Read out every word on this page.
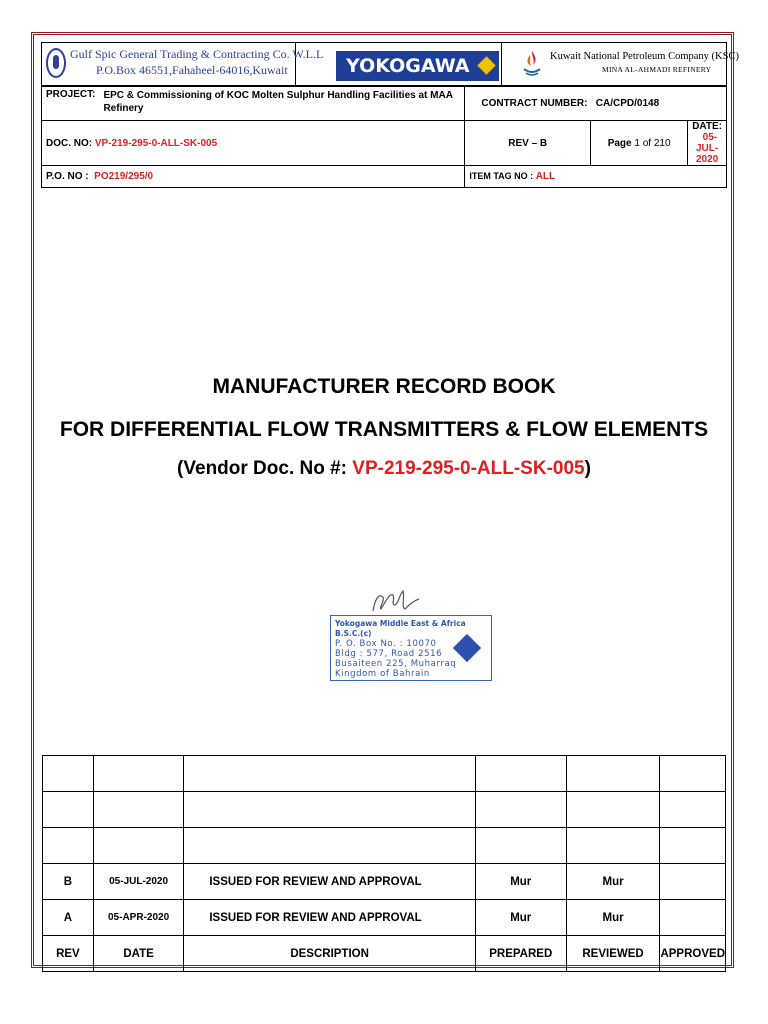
Gulf Spic General Trading & Contracting Co. W.L.L
P.O.Box 46551,Fahaheel-64016,Kuwait	YOKOGAWA	Kuwait National Petroleum Company (KSC)
MINA AL-AHMADI REFINERY
PROJECT:	EPC & Commissioning of KOC Molten Sulphur Handling Facilities at MAA Refinery	CONTRACT NUMBER: CA/CPD/0148		
DOC. NO: VP-219-295-0-ALL-SK-005		REV – B	Page 1 of 210	DATE:   05-JUL-2020
P.O. NO : PO219/295/0		ITEM TAG NO : ALL		
MANUFACTURER RECORD BOOK
FOR DIFFERENTIAL FLOW TRANSMITTERS & FLOW ELEMENTS
(Vendor Doc. No #: VP-219-295-0-ALL-SK-005)
Yokogawa Middle East & Africa B.S.C.(c)
P. O. Box No. : 10070
Bldg : 577, Road 2516
Busaiteen 225, Muharraq
Kingdom of Bahrain

B	05-JUL-2020	ISSUED FOR REVIEW AND APPROVAL	Mur	Mur	
A	05-APR-2020	ISSUED FOR REVIEW AND APPROVAL	Mur	Mur	
REV	DATE	DESCRIPTION	PREPARED	REVIEWED	APPROVED
